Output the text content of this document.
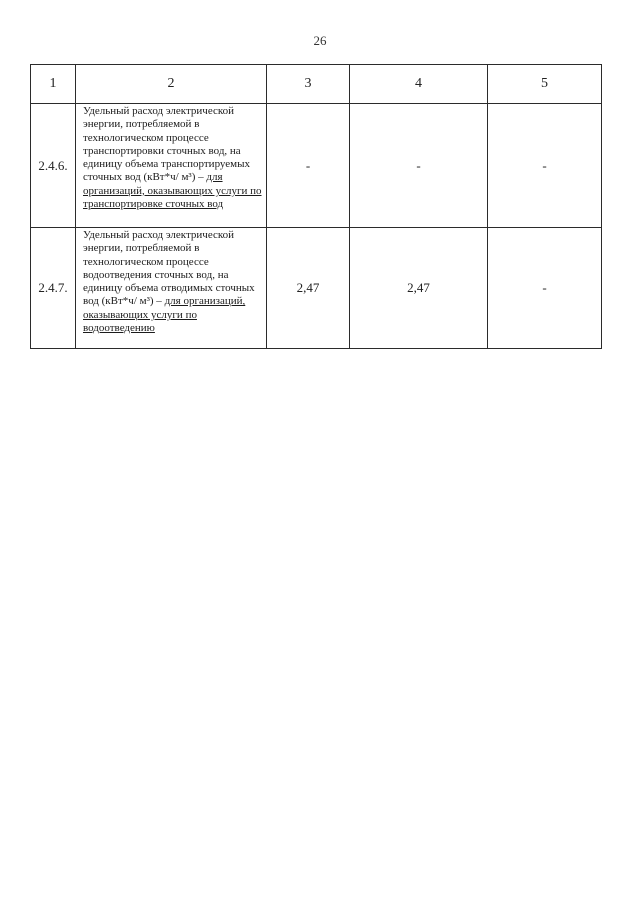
26
1	2	3	4	5
2.4.6.	Удельный расход электрической энергии, потребляемой в технологическом процессе транспортировки сточных вод, на единицу объема транспортируемых сточных вод (кВт*ч/ м³) – для организаций, оказывающих услуги по транспортировке сточных вод	-	-	-
2.4.7.	Удельный расход электрической энергии, потребляемой в технологическом процессе водоотведения сточных вод, на единицу объема отводимых сточных вод (кВт*ч/ м³) – для организаций, оказывающих услуги по водоотведению	2,47	2,47	-
